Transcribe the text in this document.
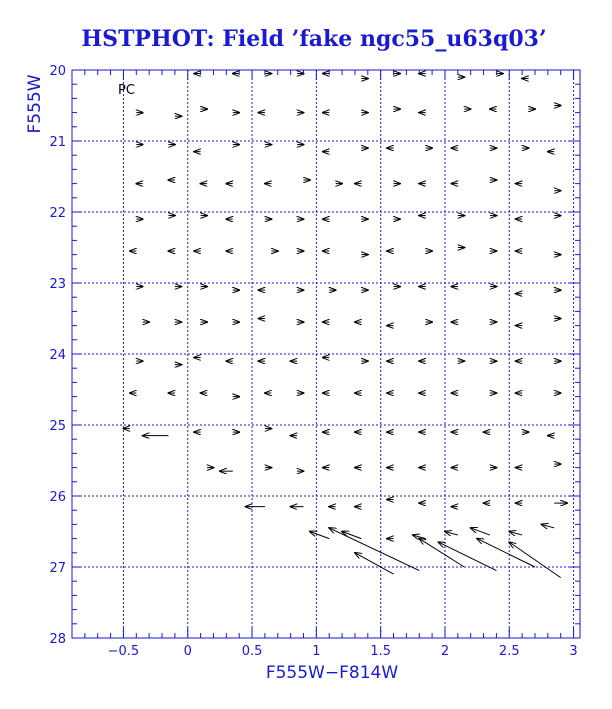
HSTPHOT: Field ’fake ngc55_u63q03’
−0.5	0	0.5	1	1.5	2	2.5	3
20
21
22
23
24
25
26
27
28
PC
F555W−F814W
F555W
